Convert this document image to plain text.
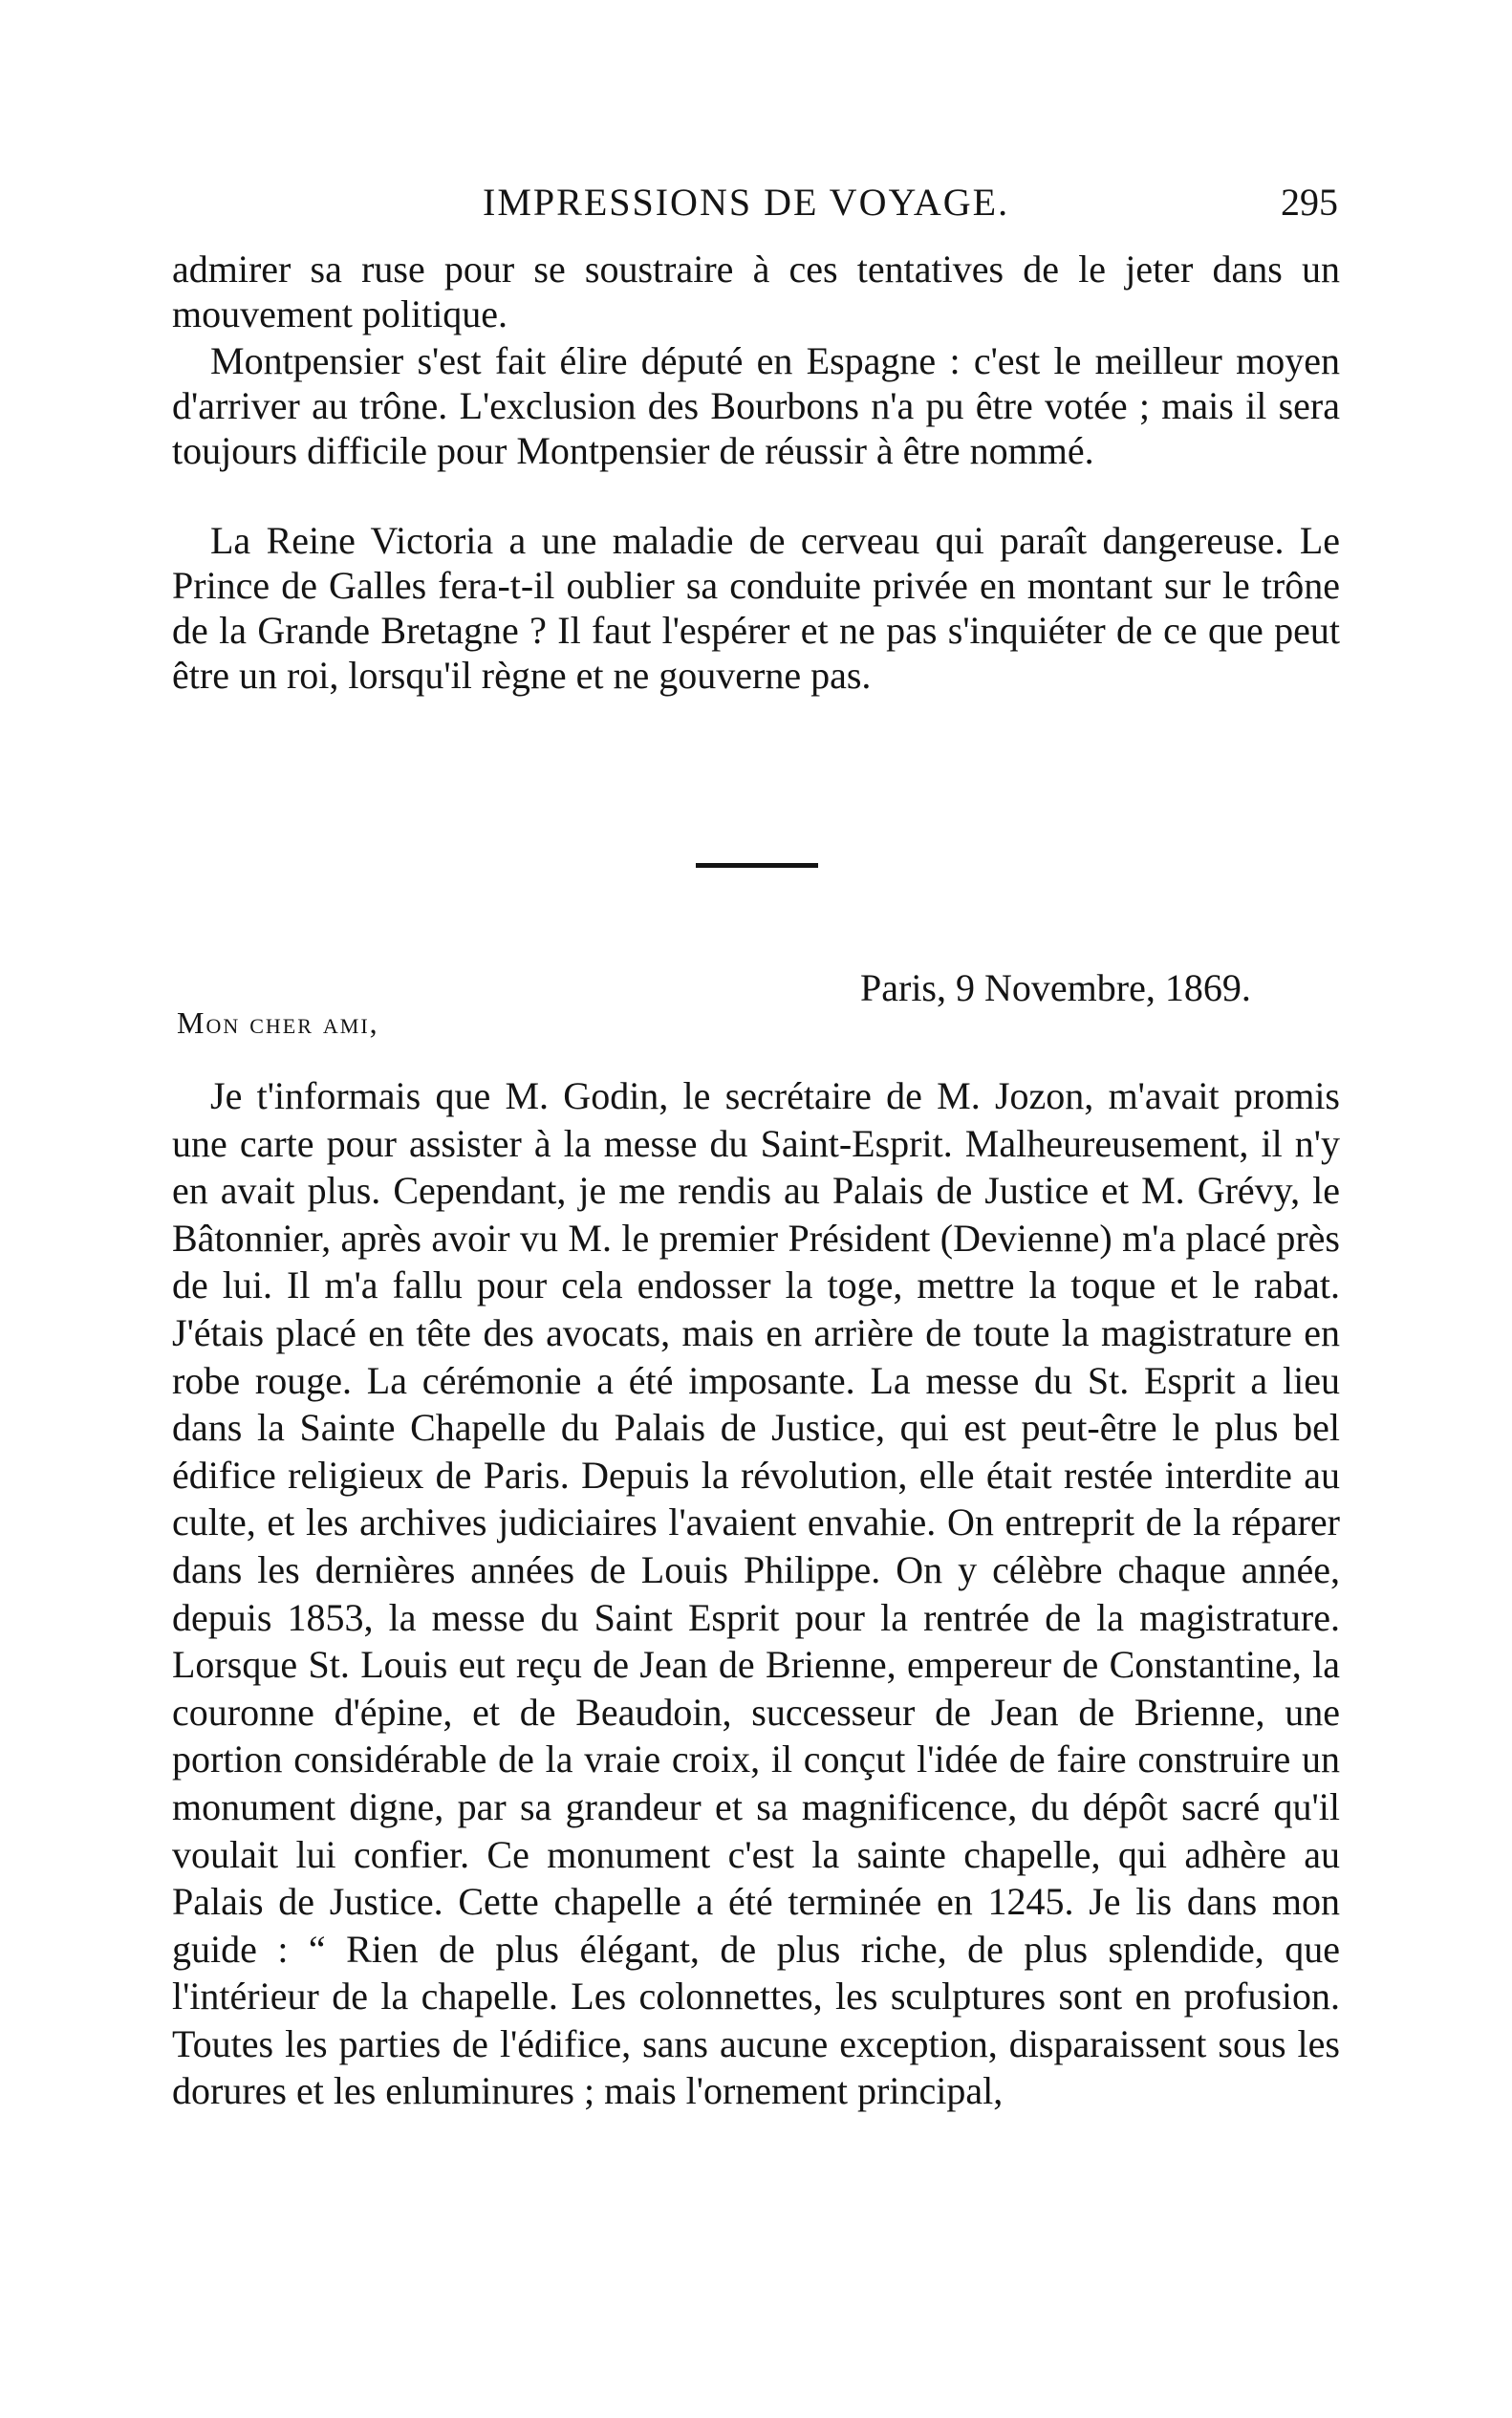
IMPRESSIONS DE VOYAGE.	295

admirer sa ruse pour se soustraire à ces tentatives de le jeter dans un mouvement politique.

Montpensier s'est fait élire député en Espagne : c'est le meilleur moyen d'arriver au trône. L'exclusion des Bourbons n'a pu être votée ; mais il sera toujours difficile pour Montpensier de réussir à être nommé.

La Reine Victoria a une maladie de cerveau qui paraît dangereuse. Le Prince de Galles fera-t-il oublier sa conduite privée en montant sur le trône de la Grande Bretagne ? Il faut l'espérer et ne pas s'inquiéter de ce que peut être un roi, lorsqu'il règne et ne gouverne pas.

Paris, 9 Novembre, 1869.
Mon cher ami,

Je t'informais que M. Godin, le secrétaire de M. Jozon, m'avait promis une carte pour assister à la messe du Saint-Esprit. Malheureusement, il n'y en avait plus. Cependant, je me rendis au Palais de Justice et M. Grévy, le Bâtonnier, après avoir vu M. le premier Président (Devienne) m'a placé près de lui. Il m'a fallu pour cela endosser la toge, mettre la toque et le rabat. J'étais placé en tête des avocats, mais en arrière de toute la magistrature en robe rouge. La cérémonie a été imposante. La messe du St. Esprit a lieu dans la Sainte Chapelle du Palais de Justice, qui est peut-être le plus bel édifice religieux de Paris. Depuis la révolution, elle était restée interdite au culte, et les archives judiciaires l'avaient envahie. On entreprit de la réparer dans les dernières années de Louis Philippe. On y célèbre chaque année, depuis 1853, la messe du Saint Esprit pour la rentrée de la magistrature. Lorsque St. Louis eut reçu de Jean de Brienne, empereur de Constantine, la couronne d'épine, et de Beaudoin, successeur de Jean de Brienne, une portion considérable de la vraie croix, il conçut l'idée de faire construire un monument digne, par sa grandeur et sa magnificence, du dépôt sacré qu'il voulait lui confier. Ce monument c'est la sainte chapelle, qui adhère au Palais de Justice. Cette chapelle a été terminée en 1245. Je lis dans mon guide : “ Rien de plus élégant, de plus riche, de plus splendide, que l'intérieur de la chapelle. Les colonnettes, les sculptures sont en profusion. Toutes les parties de l'édifice, sans aucune exception, disparaissent sous les dorures et les enluminures ; mais l'ornement principal,
